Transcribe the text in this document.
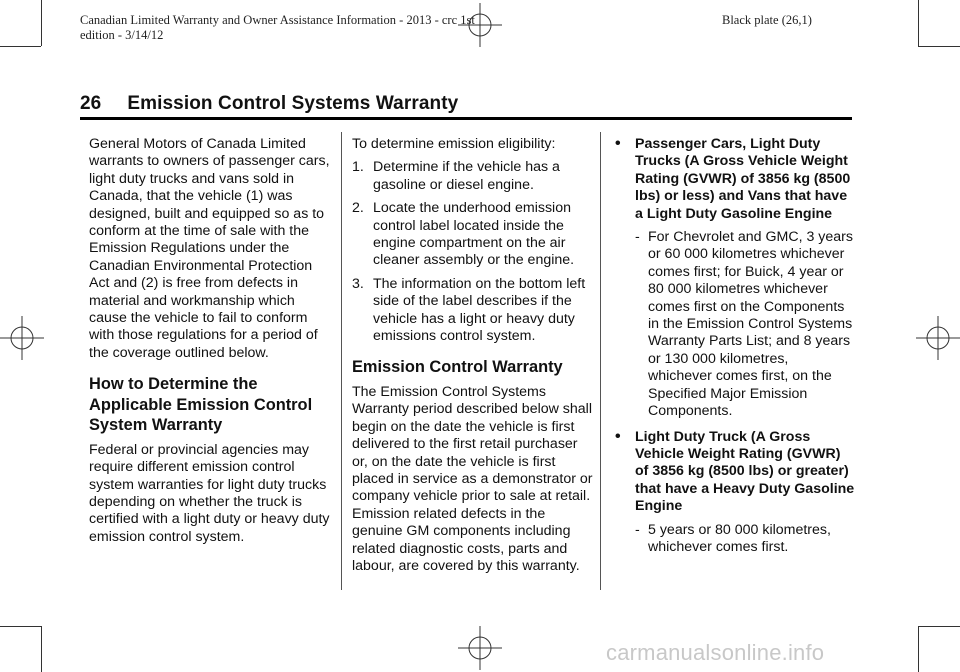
Canadian Limited Warranty and Owner Assistance Information - 2013 - crc 1st
edition - 3/14/12
Black plate (26,1)
26 Emission Control Systems Warranty

General Motors of Canada Limited warrants to owners of passenger cars, light duty trucks and vans sold in Canada, that the vehicle (1) was designed, built and equipped so as to conform at the time of sale with the Emission Regulations under the Canadian Environmental Protection Act and (2) is free from defects in material and workmanship which cause the vehicle to fail to conform with those regulations for a period of the coverage outlined below.

How to Determine the Applicable Emission Control System Warranty

Federal or provincial agencies may require different emission control system warranties for light duty trucks depending on whether the truck is certified with a light duty or heavy duty emission control system.

To determine emission eligibility:

1. Determine if the vehicle has a gasoline or diesel engine.
2. Locate the underhood emission control label located inside the engine compartment on the air cleaner assembly or the engine.
3. The information on the bottom left side of the label describes if the vehicle has a light or heavy duty emissions control system.
Emission Control Warranty

The Emission Control Systems Warranty period described below shall begin on the date the vehicle is first delivered to the first retail purchaser or, on the date the vehicle is first placed in service as a demonstrator or company vehicle prior to sale at retail. Emission related defects in the genuine GM components including related diagnostic costs, parts and labour, are covered by this warranty.

• Passenger Cars, Light Duty Trucks (A Gross Vehicle Weight Rating (GVWR) of 3856 kg (8500 lbs) or less) and Vans that have a Light Duty Gasoline Engine
- For Chevrolet and GMC, 3 years or 60 000 kilometres whichever comes first; for Buick, 4 year or 80 000 kilometres whichever comes first on the Components in the Emission Control Systems Warranty Parts List; and 8 years or 130 000 kilometres, whichever comes first, on the Specified Major Emission Components.
• Light Duty Truck (A Gross Vehicle Weight Rating (GVWR) of 3856 kg (8500 lbs) or greater) that have a Heavy Duty Gasoline Engine
- 5 years or 80 000 kilometres, whichever comes first.
carmanualsonline.info
